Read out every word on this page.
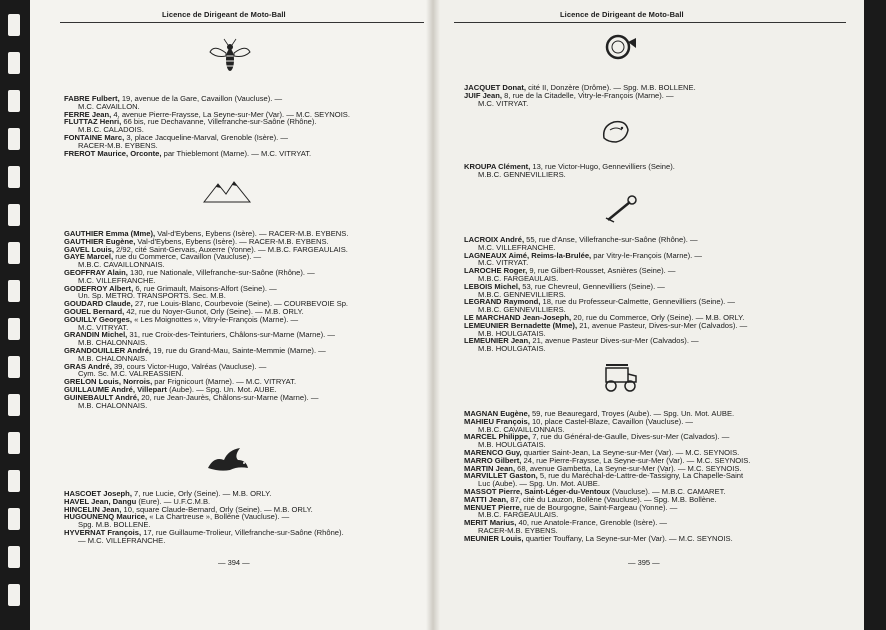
Licence de Dirigeant de Moto-Ball	Licence de Dirigeant de Moto-Ball
FABRE Fulbert, 19, avenue de la Gare, Cavaillon (Vaucluse). —
M.C. CAVAILLON.
FERRE Jean, 4, avenue Pierre-Fraysse, La Seyne-sur-Mer (Var). — M.C. SEYNOIS.
FLUTTAZ Henri, 66 bis, rue Dechavanne, Villefranche-sur-Saône (Rhône).
M.B.C. CALADOIS.
FONTAINE Marc, 3, place Jacqueline-Marval, Grenoble (Isère). —
RACER-M.B. EYBENS.
FREROT Maurice, Orconte, par Thieblemont (Marne). — M.C. VITRYAT.
GAUTHIER Emma (Mme), Val-d'Eybens, Eybens (Isère). — RACER-M.B. EYBENS.
GAUTHIER Eugène, Val-d'Eybens, Eybens (Isère). — RACER-M.B. EYBENS.
GAVEL Louis, 2/92, cité Saint-Gervais, Auxerre (Yonne). — M.B.C. FARGEAULAIS.
GAYE Marcel, rue du Commerce, Cavaillon (Vaucluse). —
M.B.C. CAVAILLONNAIS.
GEOFFRAY Alain, 130, rue Nationale, Villefranche-sur-Saône (Rhône). —
M.C. VILLEFRANCHE.
GODEFROY Albert, 6, rue Grimault, Maisons-Alfort (Seine). —
Un. Sp. METRO. TRANSPORTS. Sec. M.B.
GOUDARD Claude, 27, rue Louis-Blanc, Courbevoie (Seine). — COURBEVOIE Sp.
GOUEL Bernard, 42, rue du Noyer-Gunot, Orly (Seine). — M.B. ORLY.
GOUILLY Georges, « Les Moignottes », Vitry-le-François (Marne). —
M.C. VITRYAT.
GRANDIN Michel, 31, rue Croix-des-Teinturiers, Châlons-sur-Marne (Marne). —
M.B. CHALONNAIS.
GRANDOUILLER André, 19, rue du Grand-Mau, Sainte-Memmie (Marne). —
M.B. CHALONNAIS.
GRAS André, 39, cours Victor-Hugo, Valréas (Vaucluse). —
Cym. Sc. M.C. VALREASSIEN.
GRELON Louis, Norrois, par Frignicourt (Marne). — M.C. VITRYAT.
GUILLAUME André, Villepart (Aube). — Spg. Un. Mot. AUBE.
GUINEBAULT André, 20, rue Jean-Jaurès, Châlons-sur-Marne (Marne). —
M.B. CHALONNAIS.
HASCOET Joseph, 7, rue Lucie, Orly (Seine). — M.B. ORLY.
HAVEL Jean, Dangu (Eure). — U.F.C.M.B.
HINCELIN Jean, 10, square Claude-Bernard, Orly (Seine). — M.B. ORLY.
HUGOUNENQ Maurice, « La Chartreuse », Bollène (Vaucluse). —
Spg. M.B. BOLLENE.
HYVERNAT François, 17, rue Guillaume-Trolieur, Villefranche-sur-Saône (Rhône).
— M.C. VILLEFRANCHE.
JACQUET Donat, cité II, Donzère (Drôme). — Spg. M.B. BOLLENE.
JUIF Jean, 8, rue de la Citadelle, Vitry-le-François (Marne). —
M.C. VITRYAT.
KROUPA Clément, 13, rue Victor-Hugo, Gennevilliers (Seine).
M.B.C. GENNEVILLIERS.
LACROIX André, 55, rue d'Anse, Villefranche-sur-Saône (Rhône). —
M.C. VILLEFRANCHE.
LAGNEAUX Aimé, Reims-la-Brulée, par Vitry-le-François (Marne). —
M.C. VITRYAT.
LAROCHE Roger, 9, rue Gilbert-Rousset, Asnières (Seine). —
M.B.C. FARGEAULAIS.
LEBOIS Michel, 53, rue Chevreul, Gennevilliers (Seine). —
M.B.C. GENNEVILLIERS.
LEGRAND Raymond, 18, rue du Professeur-Calmette, Gennevilliers (Seine). —
M.B.C. GENNEVILLIERS.
LE MARCHAND Jean-Joseph, 20, rue du Commerce, Orly (Seine). — M.B. ORLY.
LEMEUNIER Bernadette (Mme), 21, avenue Pasteur, Dives-sur-Mer (Calvados). —
M.B. HOULGATAIS.
LEMEUNIER Jean, 21, avenue Pasteur Dives-sur-Mer (Calvados). —
M.B. HOULGATAIS.
MAGNAN Eugène, 59, rue Beauregard, Troyes (Aube). — Spg. Un. Mot. AUBE.
MAHIEU François, 10, place Castel-Blaze, Cavaillon (Vaucluse). —
M.B.C. CAVAILLONNAIS.
MARCEL Philippe, 7, rue du Général-de-Gaulle, Dives-sur-Mer (Calvados). —
M.B. HOULGATAIS.
MARENCO Guy, quartier Saint-Jean, La Seyne-sur-Mer (Var). — M.C. SEYNOIS.
MARRO Gilbert, 24, rue Pierre-Fraysse, La Seyne-sur-Mer (Var). — M.C. SEYNOIS.
MARTIN Jean, 68, avenue Gambetta, La Seyne-sur-Mer (Var). — M.C. SEYNOIS.
MARVILLET Gaston, 5, rue du Maréchal-de-Lattre-de-Tassigny, La Chapelle-Saint
Luc (Aube). — Spg. Un. Mot. AUBE.
MASSOT Pierre, Saint-Léger-du-Ventoux (Vaucluse). — M.B.C. CAMARET.
MATTI Jean, 87, cité du Lauzon, Bollène (Vaucluse). — Spg. M.B. Bollène.
MENUET Pierre, rue de Bourgogne, Saint-Fargeau (Yonne). —
M.B.C. FARGEAULAIS.
MERIT Marius, 40, rue Anatole-France, Grenoble (Isère). —
RACER-M.B. EYBENS.
MEUNIER Louis, quartier Touffany, La Seyne-sur-Mer (Var). — M.C. SEYNOIS.
— 394 —	— 395 —
